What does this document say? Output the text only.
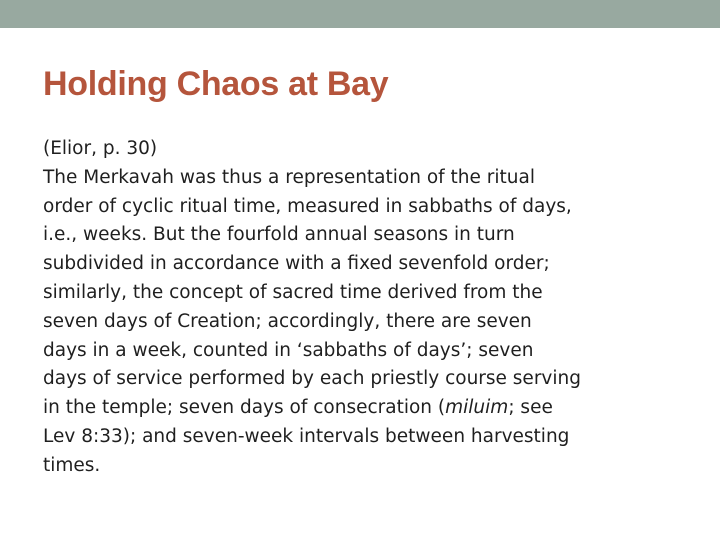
Holding Chaos at Bay
(Elior, p. 30)
The Merkavah was thus a representation of the ritual
order of cyclic ritual time, measured in sabbaths of days,
i.e., weeks. But the fourfold annual seasons in turn
subdivided in accordance with a fixed sevenfold order;
similarly, the concept of sacred time derived from the
seven days of Creation; accordingly, there are seven
days in a week, counted in ‘sabbaths of days’; seven
days of service performed by each priestly course serving
in the temple; seven days of consecration (miluim; see
Lev 8:33); and seven-week intervals between harvesting
times.
